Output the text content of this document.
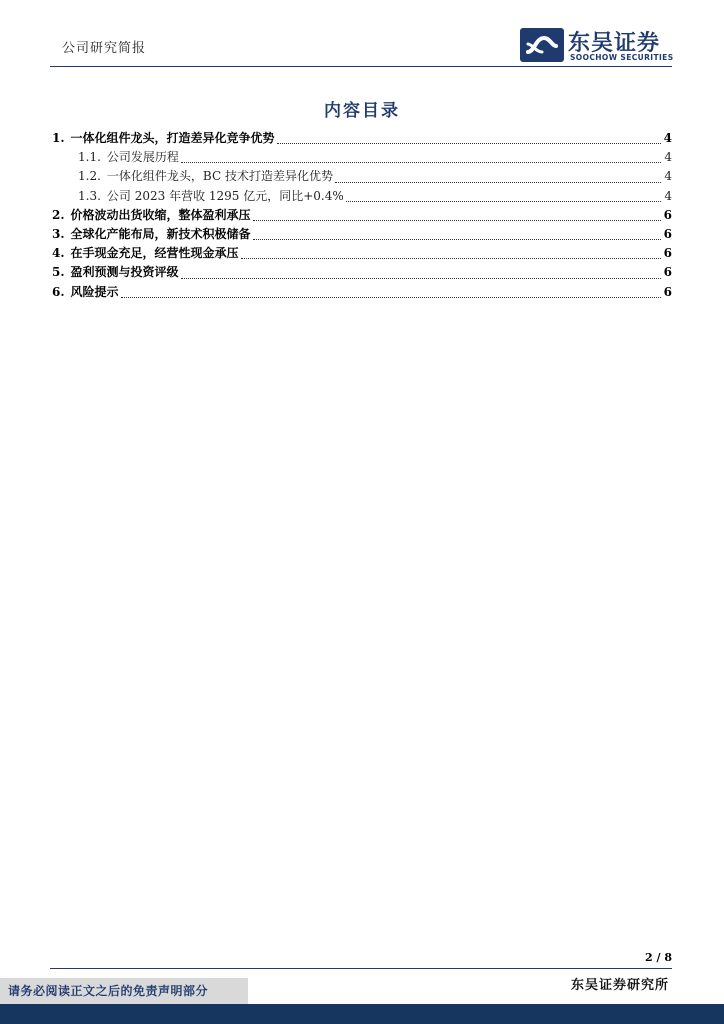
公司研究简报	东吴证券
SOOCHOW SECURITIES
内容目录
1. 一体化组件龙头，打造差异化竞争优势	4
1.1. 公司发展历程	4
1.2. 一体化组件龙头，BC 技术打造差异化优势	4
1.3. 公司 2023 年营收 1295 亿元，同比+0.4%	4
2. 价格波动出货收缩，整体盈利承压	6
3. 全球化产能布局，新技术积极储备	6
4. 在手现金充足，经营性现金承压	6
5. 盈利预测与投资评级	6
6. 风险提示	6
2 / 8
东吴证券研究所
请务必阅读正文之后的免责声明部分
